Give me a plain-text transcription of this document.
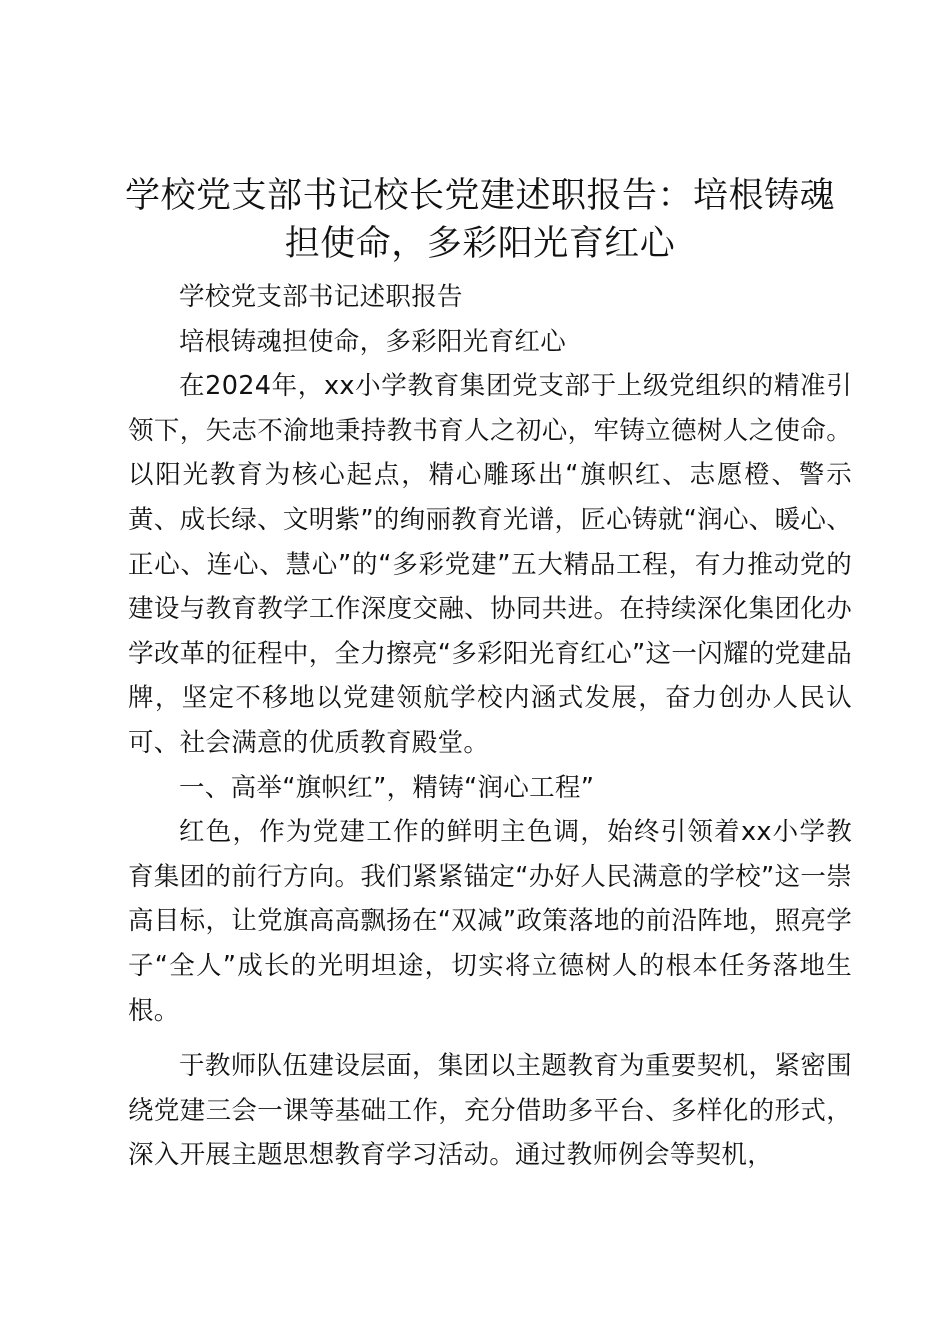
学校党支部书记校长党建述职报告：培根铸魂担使命，多彩阳光育红心

学校党支部书记述职报告

培根铸魂担使命，多彩阳光育红心

在2024年，xx小学教育集团党支部于上级党组织的精准引领下，矢志不渝地秉持教书育人之初心，牢铸立德树人之使命。以阳光教育为核心起点，精心雕琢出“旗帜红、志愿橙、警示黄、成长绿、文明紫”的绚丽教育光谱，匠心铸就“润心、暖心、正心、连心、慧心”的“多彩党建”五大精品工程，有力推动党的建设与教育教学工作深度交融、协同共进。在持续深化集团化办学改革的征程中，全力擦亮“多彩阳光育红心”这一闪耀的党建品牌，坚定不移地以党建领航学校内涵式发展，奋力创办人民认可、社会满意的优质教育殿堂。

一、高举“旗帜红”，精铸“润心工程”

红色，作为党建工作的鲜明主色调，始终引领着xx小学教育集团的前行方向。我们紧紧锚定“办好人民满意的学校”这一崇高目标，让党旗高高飘扬在“双减”政策落地的前沿阵地，照亮学子“全人”成长的光明坦途，切实将立德树人的根本任务落地生根。

于教师队伍建设层面，集团以主题教育为重要契机，紧密围绕党建三会一课等基础工作，充分借助多平台、多样化的形式，深入开展主题思想教育学习活动。通过教师例会等契机，
